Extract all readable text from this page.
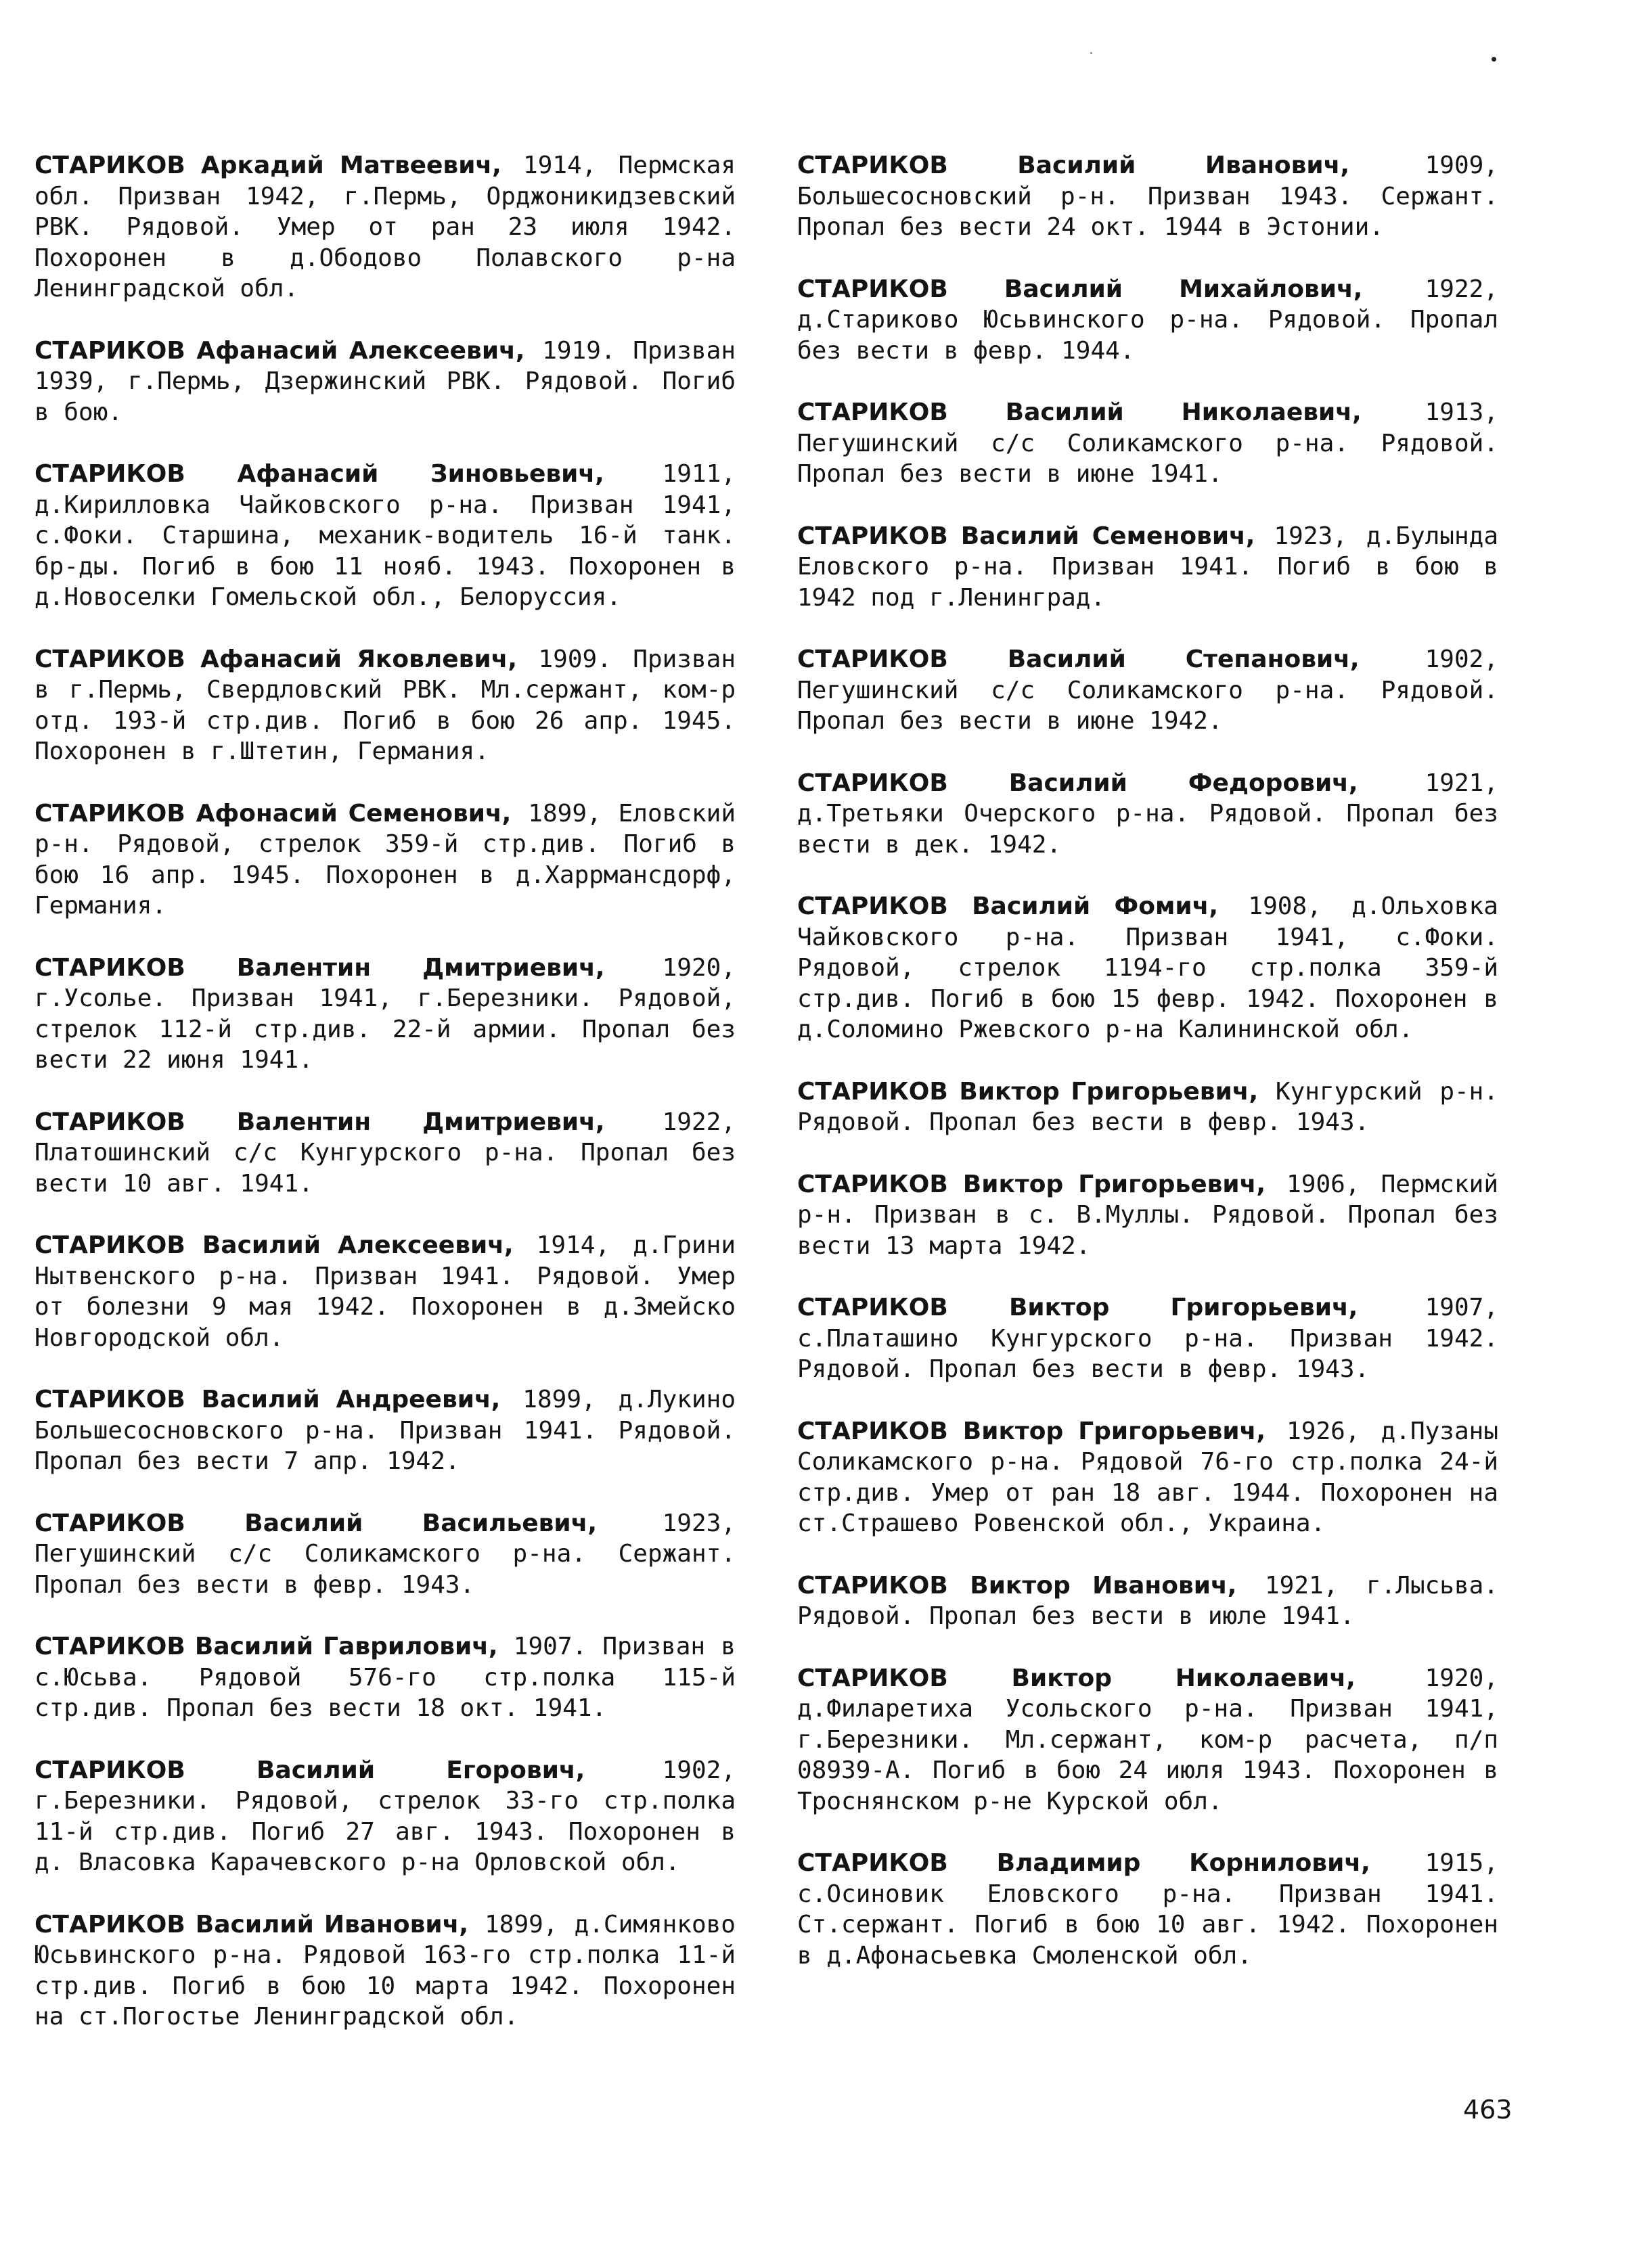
СТАРИКОВ Аркадий Матвеевич, 1914, Пермская обл. Призван 1942, г.Пермь, Орджоникидзевский РВК. Рядовой. Умер от ран 23 июля 1942. Похоронен в д.Ободово Полавского р-на Ленинградской обл.

СТАРИКОВ Афанасий Алексеевич, 1919. Призван 1939, г.Пермь, Дзержинский РВК. Рядовой. Погиб в бою.

СТАРИКОВ Афанасий Зиновьевич, 1911, д.Кирилловка Чайковского р-на. Призван 1941, с.Фоки. Старшина, механик-водитель 16-й танк. бр-ды. Погиб в бою 11 нояб. 1943. Похоронен в д.Новоселки Гомельской обл., Белоруссия.

СТАРИКОВ Афанасий Яковлевич, 1909. Призван в г.Пермь, Свердловский РВК. Мл.сержант, ком-р отд. 193-й стр.див. Погиб в бою 26 апр. 1945. Похоронен в г.Штетин, Германия.

СТАРИКОВ Афонасий Семенович, 1899, Еловский р-н. Рядовой, стрелок 359-й стр.див. Погиб в бою 16 апр. 1945. Похоронен в д.Харрмансдорф, Германия.

СТАРИКОВ Валентин Дмитриевич, 1920, г.Усолье. Призван 1941, г.Березники. Рядовой, стрелок 112-й стр.див. 22-й армии. Пропал без вести 22 июня 1941.

СТАРИКОВ Валентин Дмитриевич, 1922, Платошинский с/с Кунгурского р-на. Пропал без вести 10 авг. 1941.

СТАРИКОВ Василий Алексеевич, 1914, д.Грини Нытвенского р-на. Призван 1941. Рядовой. Умер от болезни 9 мая 1942. Похоронен в д.Змейско Новгородской обл.

СТАРИКОВ Василий Андреевич, 1899, д.Лукино Большесосновского р-на. Призван 1941. Рядовой. Пропал без вести 7 апр. 1942.

СТАРИКОВ Василий Васильевич, 1923, Пегушинский с/с Соликамского р-на. Сержант. Пропал без вести в февр. 1943.

СТАРИКОВ Василий Гаврилович, 1907. Призван в с.Юсьва. Рядовой 576-го стр.полка 115-й стр.див. Пропал без вести 18 окт. 1941.

СТАРИКОВ Василий Егорович, 1902, г.Березники. Рядовой, стрелок 33-го стр.полка 11-й стр.див. Погиб 27 авг. 1943. Похоронен в д. Власовка Карачевского р-на Орловской обл.

СТАРИКОВ Василий Иванович, 1899, д.Симянково Юсьвинского р-на. Рядовой 163-го стр.полка 11-й стр.див. Погиб в бою 10 марта 1942. Похоронен на ст.Погостье Ленинградской обл.

СТАРИКОВ Василий Иванович, 1909, Большесосновский р-н. Призван 1943. Сержант. Пропал без вести 24 окт. 1944 в Эстонии.

СТАРИКОВ Василий Михайлович, 1922, д.Стариково Юсьвинского р-на. Рядовой. Пропал без вести в февр. 1944.

СТАРИКОВ Василий Николаевич, 1913, Пегушинский с/с Соликамского р-на. Рядовой. Пропал без вести в июне 1941.

СТАРИКОВ Василий Семенович, 1923, д.Булында Еловского р-на. Призван 1941. Погиб в бою в 1942 под г.Ленинград.

СТАРИКОВ Василий Степанович, 1902, Пегушинский с/с Соликамского р-на. Рядовой. Пропал без вести в июне 1942.

СТАРИКОВ Василий Федорович, 1921, д.Третьяки Очерского р-на. Рядовой. Пропал без вести в дек. 1942.

СТАРИКОВ Василий Фомич, 1908, д.Ольховка Чайковского р-на. Призван 1941, с.Фоки. Рядовой, стрелок 1194-го стр.полка 359-й стр.див. Погиб в бою 15 февр. 1942. Похоронен в д.Соломино Ржевского р-на Калининской обл.

СТАРИКОВ Виктор Григорьевич, Кунгурский р-н. Рядовой. Пропал без вести в февр. 1943.

СТАРИКОВ Виктор Григорьевич, 1906, Пермский р-н. Призван в с. В.Муллы. Рядовой. Пропал без вести 13 марта 1942.

СТАРИКОВ Виктор Григорьевич, 1907, с.Платашино Кунгурского р-на. Призван 1942. Рядовой. Пропал без вести в февр. 1943.

СТАРИКОВ Виктор Григорьевич, 1926, д.Пузаны Соликамского р-на. Рядовой 76-го стр.полка 24-й стр.див. Умер от ран 18 авг. 1944. Похоронен на ст.Страшево Ровенской обл., Украина.

СТАРИКОВ Виктор Иванович, 1921, г.Лысьва. Рядовой. Пропал без вести в июле 1941.

СТАРИКОВ Виктор Николаевич, 1920, д.Филаретиха Усольского р-на. Призван 1941, г.Березники. Мл.сержант, ком-р расчета, п/п 08939-А. Погиб в бою 24 июля 1943. Похоронен в Троснянском р-не Курской обл.

СТАРИКОВ Владимир Корнилович, 1915, с.Осиновик Еловского р-на. Призван 1941. Ст.сержант. Погиб в бою 10 авг. 1942. Похоронен в д.Афонасьевка Смоленской обл.

463
